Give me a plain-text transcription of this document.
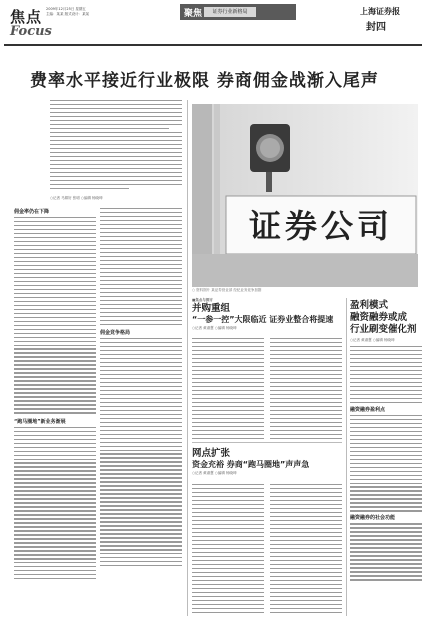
焦点
Focus
2009年12月25日 星期五
主编：某某 版式设计：某某	聚焦	证券行业新格局	上海证券报
封四
费率水平接近行业极限 券商佣金战渐入尾声
○记者 马婧好 张明 ○编辑 杨晓坤
证券公司
○ 资料图片 某证券营业部 经纪业务竞争加剧
佣金率仍在下降
“跑马圈地”新业务渐展
佣金竞争格局
■焦点与探讨
并购重组
“一参一控”大限临近 证券业整合将提速
○记者 黄淑慧 ○编辑 杨晓坤
网点扩张
资金充裕 券商“跑马圈地”声声急
○记者 黄淑慧 ○编辑 杨晓坤
盈利模式
融资融券或成
行业刷变催化剂
○记者 黄淑慧 ○编辑 杨晓坤
融资融券盈利点
融资融券的社会功能
